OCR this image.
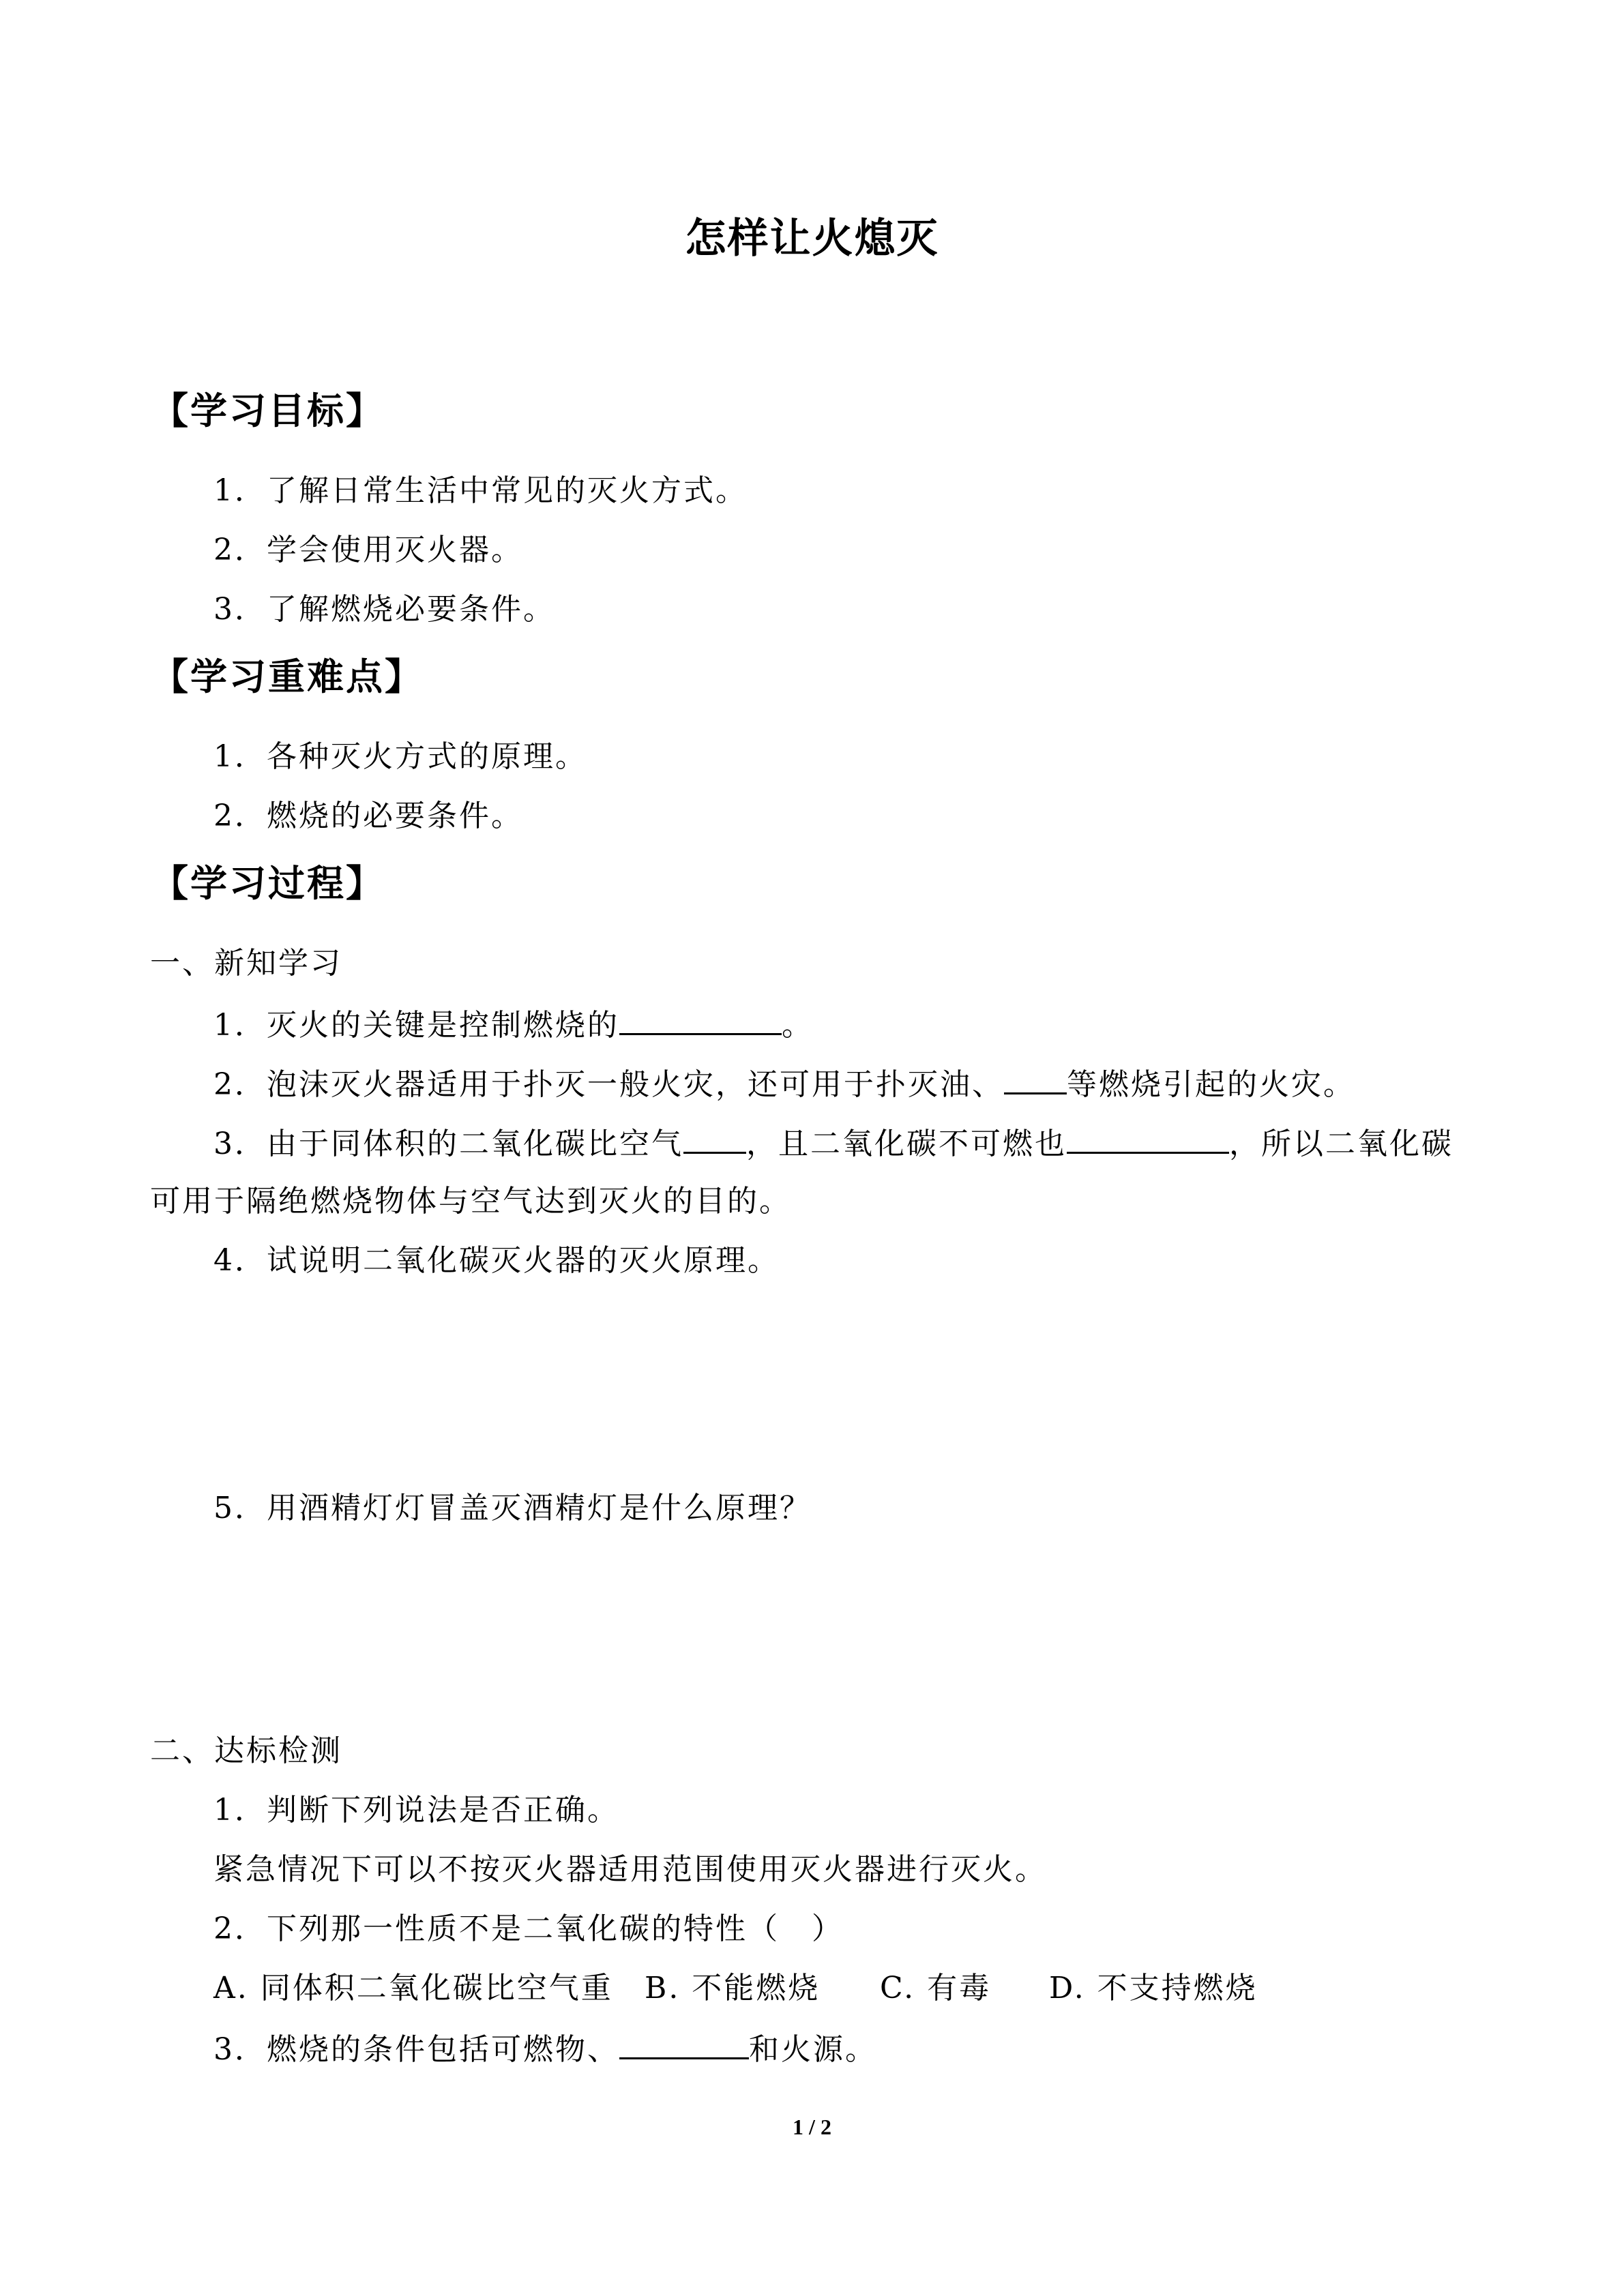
怎样让火熄灭
【学习目标】
1．了解日常生活中常见的灭火方式。
2．学会使用灭火器。
3．了解燃烧必要条件。
【学习重难点】
1．各种灭火方式的原理。
2．燃烧的必要条件。
【学习过程】
一、新知学习
1．灭火的关键是控制燃烧的	。
2．泡沫灭火器适用于扑灭一般火灾，还可用于扑灭油、 等燃烧引起的火灾。
3．由于同体积的二氧化碳比空气 ，且二氧化碳不可燃也	，所以二氧化碳
可用于隔绝燃烧物体与空气达到灭火的目的。
4．试说明二氧化碳灭火器的灭火原理。
5．用酒精灯灯冒盖灭酒精灯是什么原理？
二、达标检测
1．判断下列说法是否正确。
紧急情况下可以不按灭火器适用范围使用灭火器进行灭火。
2．下列那一性质不是二氧化碳的特性（　）
A. 同体积二氧化碳比空气重 B. 不能燃烧 C. 有毒 D. 不支持燃烧
3．燃烧的条件包括可燃物、	和火源。
1 / 2
